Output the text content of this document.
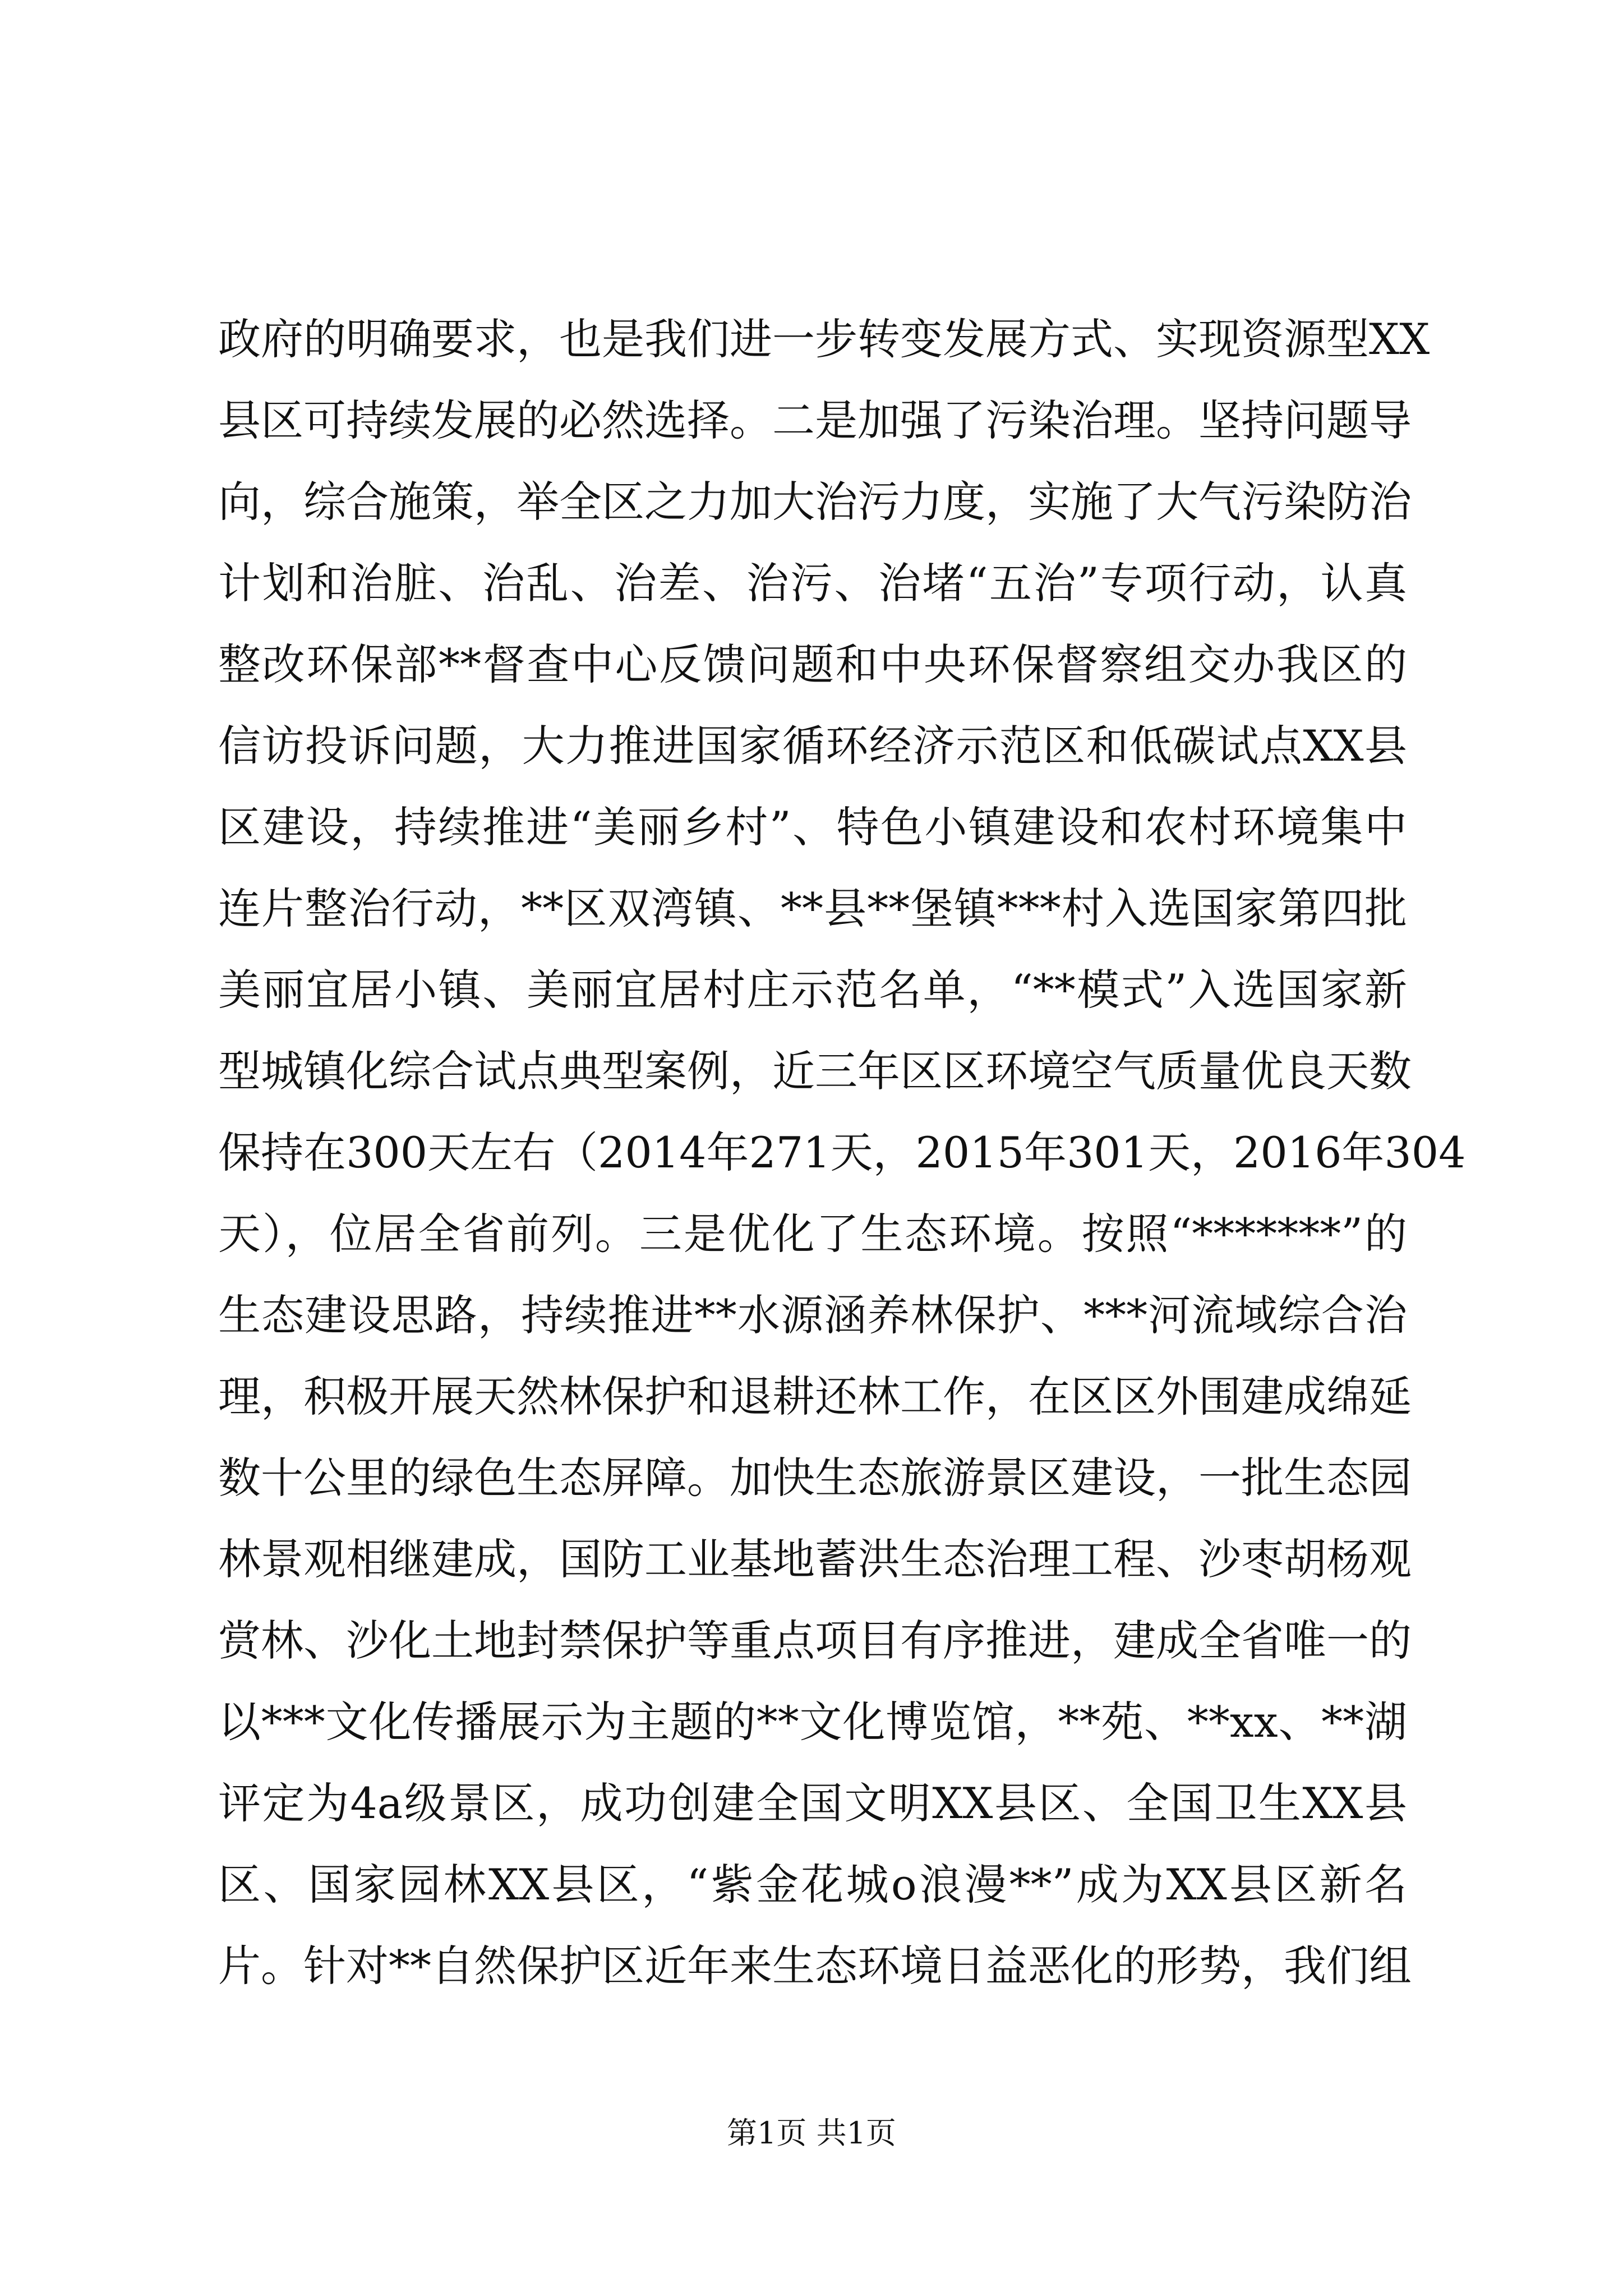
政府的明确要求，也是我们进一步转变发展方式、实现资源型XX
县区可持续发展的必然选择。二是加强了污染治理。坚持问题导
向，综合施策，举全区之力加大治污力度，实施了大气污染防治
计划和治脏、治乱、治差、治污、治堵“五治”专项行动，认真
整改环保部**督查中心反馈问题和中央环保督察组交办我区的
信访投诉问题，大力推进国家循环经济示范区和低碳试点XX县
区建设，持续推进“美丽乡村”、特色小镇建设和农村环境集中
连片整治行动，**区双湾镇、**县**堡镇***村入选国家第四批
美丽宜居小镇、美丽宜居村庄示范名单，“**模式”入选国家新
型城镇化综合试点典型案例，近三年区区环境空气质量优良天数
保持在300天左右（2014年271天，2015年301天，2016年304
天），位居全省前列。三是优化了生态环境。按照“*******”的
生态建设思路，持续推进**水源涵养林保护、***河流域综合治
理，积极开展天然林保护和退耕还林工作，在区区外围建成绵延
数十公里的绿色生态屏障。加快生态旅游景区建设，一批生态园
林景观相继建成，国防工业基地蓄洪生态治理工程、沙枣胡杨观
赏林、沙化土地封禁保护等重点项目有序推进，建成全省唯一的
以***文化传播展示为主题的**文化博览馆，**苑、**xx、**湖
评定为4a级景区，成功创建全国文明XX县区、全国卫生XX县
区、国家园林XX县区，“紫金花城o浪漫**”成为XX县区新名
片。针对**自然保护区近年来生态环境日益恶化的形势，我们组
第1页 共1页
